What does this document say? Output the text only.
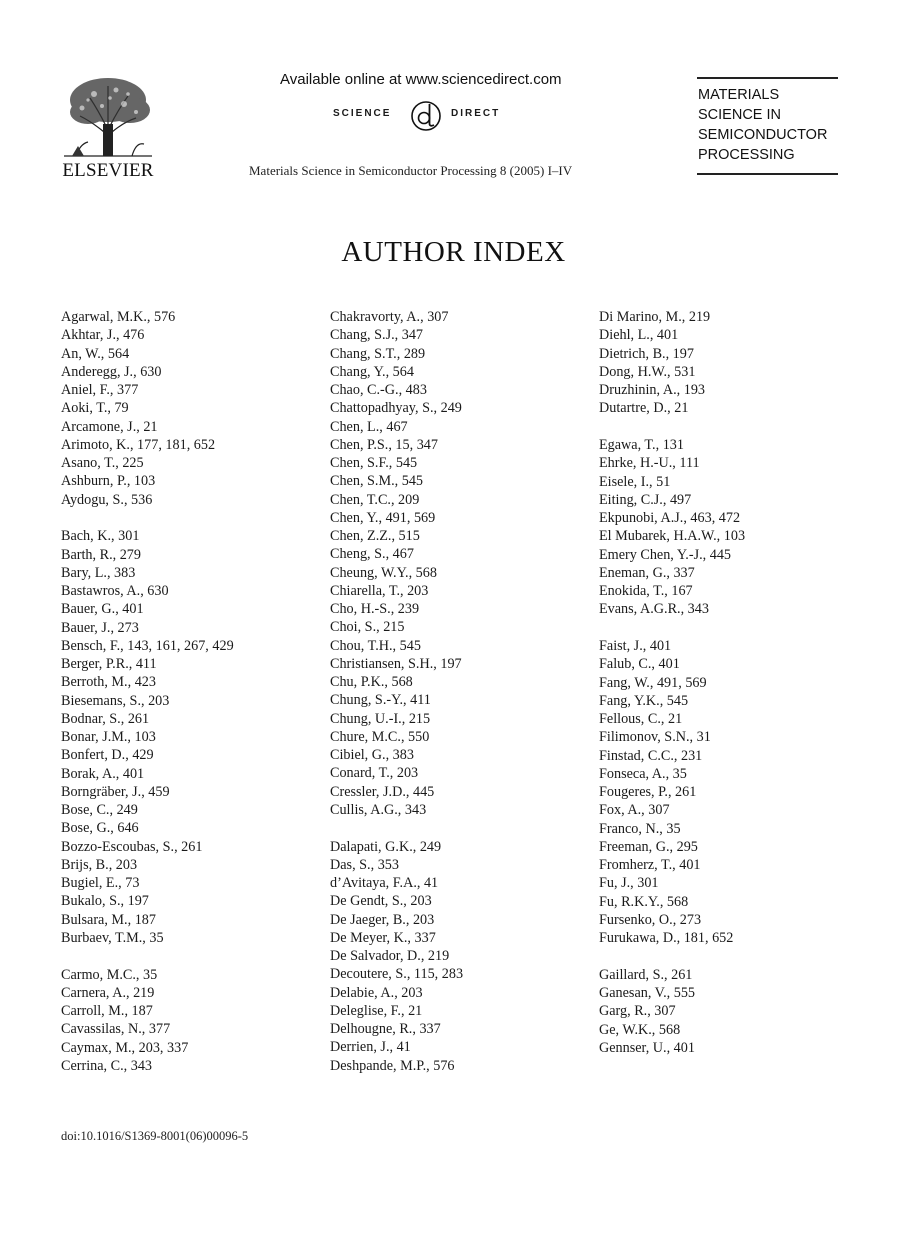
ELSEVIER
Available online at www.sciencedirect.com
SCIENCE	DIRECT
Materials Science in Semiconductor Processing 8 (2005) I–IV
MATERIALS
SCIENCE IN
SEMICONDUCTOR
PROCESSING
AUTHOR INDEX
Agarwal, M.K., 576
Akhtar, J., 476
An, W., 564
Anderegg, J., 630
Aniel, F., 377
Aoki, T., 79
Arcamone, J., 21
Arimoto, K., 177, 181, 652
Asano, T., 225
Ashburn, P., 103
Aydogu, S., 536
Bach, K., 301
Barth, R., 279
Bary, L., 383
Bastawros, A., 630
Bauer, G., 401
Bauer, J., 273
Bensch, F., 143, 161, 267, 429
Berger, P.R., 411
Berroth, M., 423
Biesemans, S., 203
Bodnar, S., 261
Bonar, J.M., 103
Bonfert, D., 429
Borak, A., 401
Borngräber, J., 459
Bose, C., 249
Bose, G., 646
Bozzo-Escoubas, S., 261
Brijs, B., 203
Bugiel, E., 73
Bukalo, S., 197
Bulsara, M., 187
Burbaev, T.M., 35
Carmo, M.C., 35
Carnera, A., 219
Carroll, M., 187
Cavassilas, N., 377
Caymax, M., 203, 337
Cerrina, C., 343
Chakravorty, A., 307
Chang, S.J., 347
Chang, S.T., 289
Chang, Y., 564
Chao, C.-G., 483
Chattopadhyay, S., 249
Chen, L., 467
Chen, P.S., 15, 347
Chen, S.F., 545
Chen, S.M., 545
Chen, T.C., 209
Chen, Y., 491, 569
Chen, Z.Z., 515
Cheng, S., 467
Cheung, W.Y., 568
Chiarella, T., 203
Cho, H.-S., 239
Choi, S., 215
Chou, T.H., 545
Christiansen, S.H., 197
Chu, P.K., 568
Chung, S.-Y., 411
Chung, U.-I., 215
Chure, M.C., 550
Cibiel, G., 383
Conard, T., 203
Cressler, J.D., 445
Cullis, A.G., 343
Dalapati, G.K., 249
Das, S., 353
d’Avitaya, F.A., 41
De Gendt, S., 203
De Jaeger, B., 203
De Meyer, K., 337
De Salvador, D., 219
Decoutere, S., 115, 283
Delabie, A., 203
Deleglise, F., 21
Delhougne, R., 337
Derrien, J., 41
Deshpande, M.P., 576
Di Marino, M., 219
Diehl, L., 401
Dietrich, B., 197
Dong, H.W., 531
Druzhinin, A., 193
Dutartre, D., 21
Egawa, T., 131
Ehrke, H.-U., 111
Eisele, I., 51
Eiting, C.J., 497
Ekpunobi, A.J., 463, 472
El Mubarek, H.A.W., 103
Emery Chen, Y.-J., 445
Eneman, G., 337
Enokida, T., 167
Evans, A.G.R., 343
Faist, J., 401
Falub, C., 401
Fang, W., 491, 569
Fang, Y.K., 545
Fellous, C., 21
Filimonov, S.N., 31
Finstad, C.C., 231
Fonseca, A., 35
Fougeres, P., 261
Fox, A., 307
Franco, N., 35
Freeman, G., 295
Fromherz, T., 401
Fu, J., 301
Fu, R.K.Y., 568
Fursenko, O., 273
Furukawa, D., 181, 652
Gaillard, S., 261
Ganesan, V., 555
Garg, R., 307
Ge, W.K., 568
Gennser, U., 401
doi:10.1016/S1369-8001(06)00096-5
